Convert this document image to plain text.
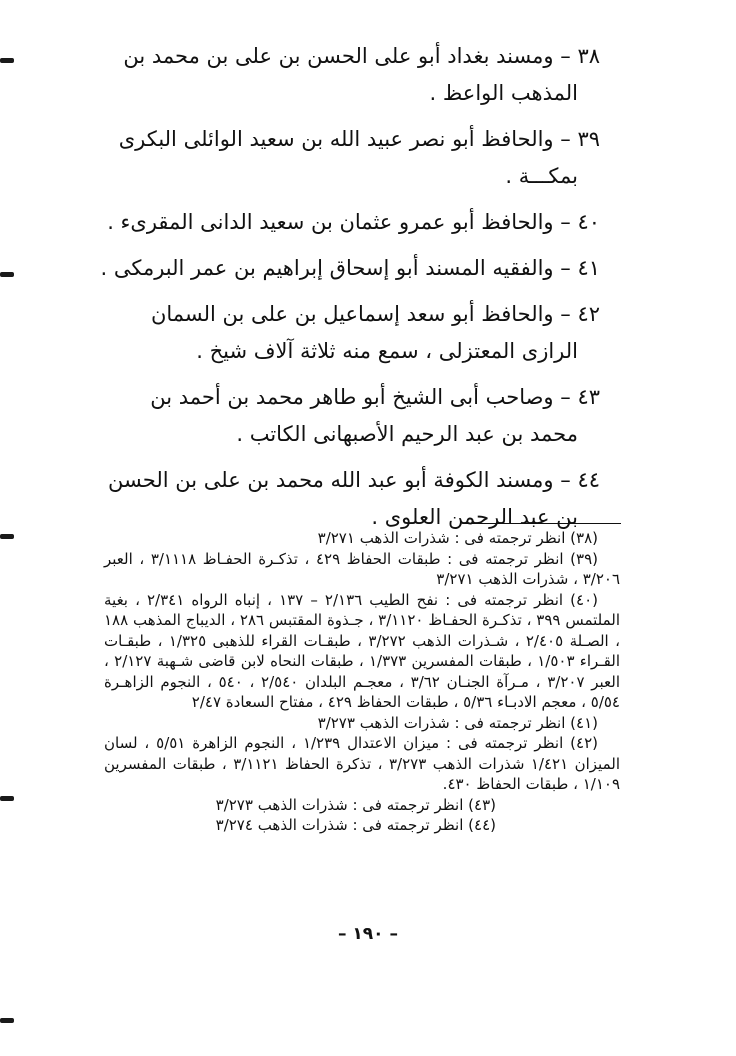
٣٨ – ومسند بغداد أبو على الحسن بن على بن محمد بن المذهب الواعظ .
٣٩ – والحافظ أبو نصر عبيد الله بن سعيد الوائلى البكرى بمكـــة .
٤٠ – والحافظ أبو عمرو عثمان بن سعيد الدانى المقرىء .
٤١ – والفقيه المسند أبو إسحاق إبراهيم بن عمر البرمكى .
٤٢ – والحافظ أبو سعد إسماعيل بن على بن السمان الرازى المعتزلى ، سمع منه ثلاثة آلاف شيخ .
٤٣ – وصاحب أبى الشيخ أبو طاهر محمد بن أحمد بن محمد بن عبد الرحيم الأصبهانى الكاتب .
٤٤ – ومسند الكوفة أبو عبد الله محمد بن على بن الحسن بن عبد الرحمن العلوى .
(٣٨) انظر ترجمته فى : شذرات الذهب ٣/٢٧١
(٣٩) انظر ترجمته فى : طبقات الحفاظ ٤٢٩ ، تذكـرة الحفـاظ ٣/١١١٨ ، العبر ٣/٢٠٦ ، شذرات الذهب ٣/٢٧١
(٤٠) انظر ترجمته فى : نفح الطيب ٢/١٣٦ – ١٣٧ ، إنباه الرواه ٢/٣٤١ ، بغية الملتمس ٣٩٩ ، تذكـرة الحفـاظ ٣/١١٢٠ ، جـذوة المقتبس ٢٨٦ ، الديباج المذهب ١٨٨ ، الصـلة ٢/٤٠٥ ، شـذرات الذهب ٣/٢٧٢ ، طبقـات القراء للذهبى ١/٣٢٥ ، طبقـات القـراء ١/٥٠٣ ، طبقات المفسرين ١/٣٧٣ ، طبقات النحاه لابن قاضى شـهبة ٢/١٢٧ ، العبر ٣/٢٠٧ ، مـرآة الجنـان ٣/٦٢ ، معجـم البلدان ٢/٥٤٠ ، ٥٤٠ ، النجوم الزاهـرة ٥/٥٤ ، معجم الادبـاء ٥/٣٦ ، طبقات الحفاظ ٤٢٩ ، مفتاح السعادة ٢/٤٧
(٤١) انظر ترجمته فى : شذرات الذهب ٣/٢٧٣
(٤٢) انظر ترجمته فى : ميزان الاعتدال ١/٢٣٩ ، النجوم الزاهرة ٥/٥١ ، لسان الميزان ١/٤٢١ شذرات الذهب ٣/٢٧٣ ، تذكرة الحفاظ ٣/١١٢١ ، طبقات المفسرين ١/١٠٩ ، طبقات الحفاظ ٤٣٠.
(٤٣) انظر ترجمته فى : شذرات الذهب ٣/٢٧٣
(٤٤) انظر ترجمته فى : شذرات الذهب ٣/٢٧٤
– ١٩٠ –
